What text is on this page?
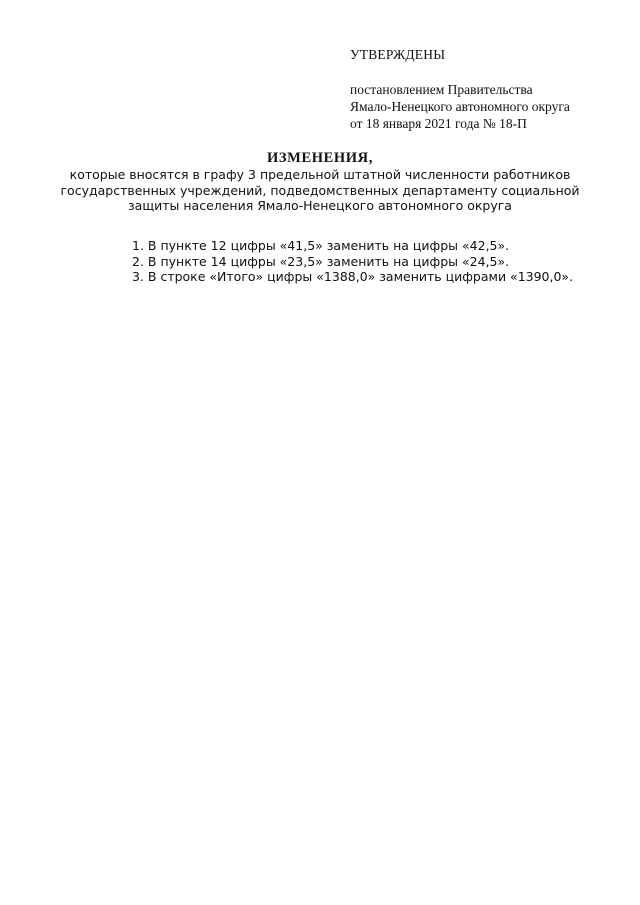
УТВЕРЖДЕНЫ
постановлением Правительства
Ямало-Ненецкого автономного округа
от 18 января 2021 года № 18-П
ИЗМЕНЕНИЯ,
которые вносятся в графу 3 предельной штатной численности работников
государственных учреждений, подведомственных департаменту социальной
защиты населения Ямало-Ненецкого автономного округа
1. В пункте 12 цифры «41,5» заменить на цифры «42,5».
2. В пункте 14 цифры «23,5» заменить на цифры «24,5».
3. В строке «Итого» цифры «1388,0» заменить цифрами «1390,0».
